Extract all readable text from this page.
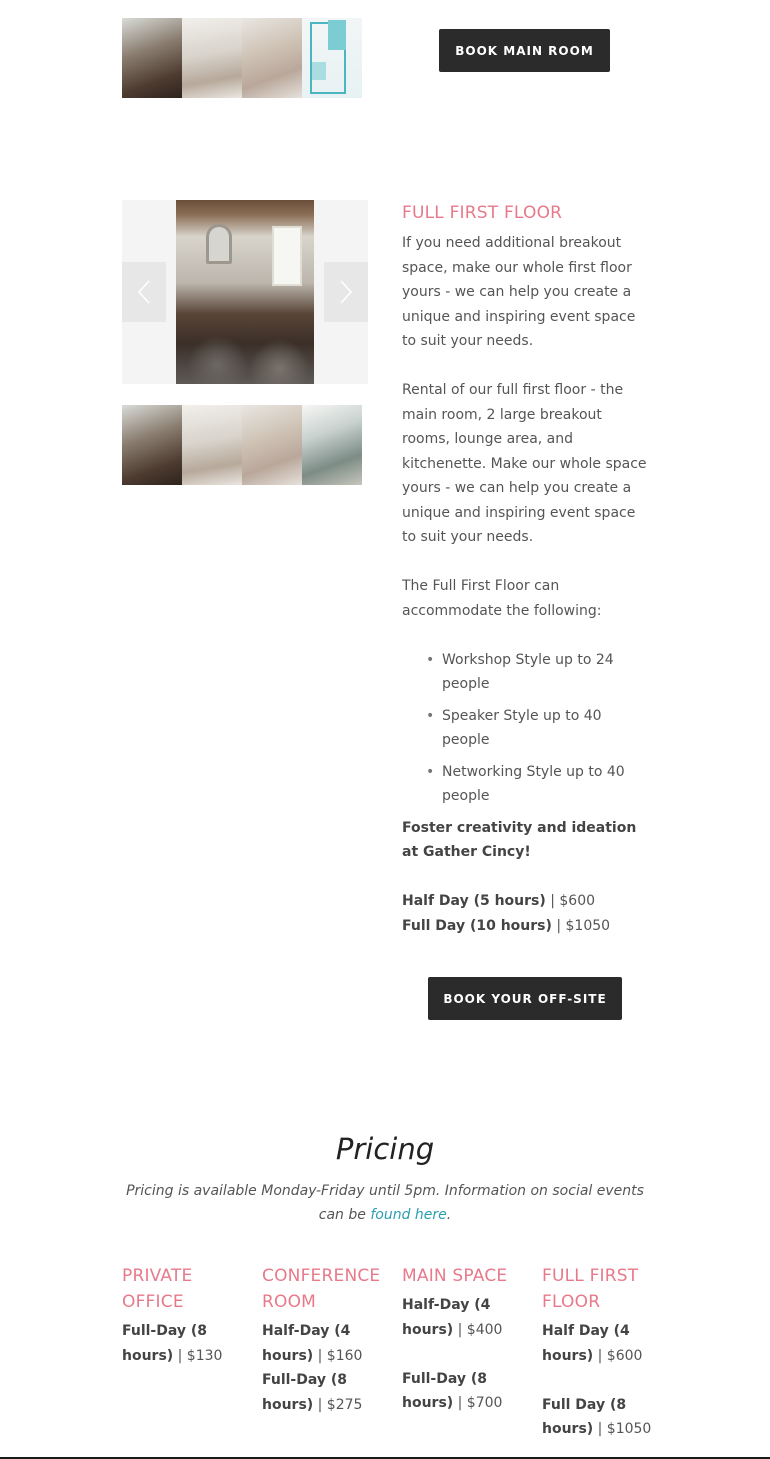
BOOK MAIN ROOM
FULL FIRST FLOOR
If you need additional breakout space, make our whole first floor yours - we can help you create a unique and inspiring event space to suit your needs.
Rental of our full first floor - the main room, 2 large breakout rooms, lounge area, and kitchenette. Make our whole space yours - we can help you create a unique and inspiring event space to suit your needs.
The Full First Floor can accommodate the following:
• Workshop Style up to 24 people
• Speaker Style up to 40 people
• Networking Style up to 40 people
Foster creativity and ideation at Gather Cincy!
Half Day (5 hours) | $600
Full Day (10 hours) | $1050
BOOK YOUR OFF-SITE
Pricing
Pricing is available Monday-Friday until 5pm. Information on social events can be found here.
PRIVATE OFFICE
Full-Day (8 hours) | $130
CONFERENCE ROOM
Half-Day (4 hours) | $160
Full-Day (8 hours) | $275
MAIN SPACE
Half-Day (4 hours) | $400
Full-Day (8 hours) | $700
FULL FIRST FLOOR
Half Day (4 hours) | $600
Full Day (8 hours) | $1050
